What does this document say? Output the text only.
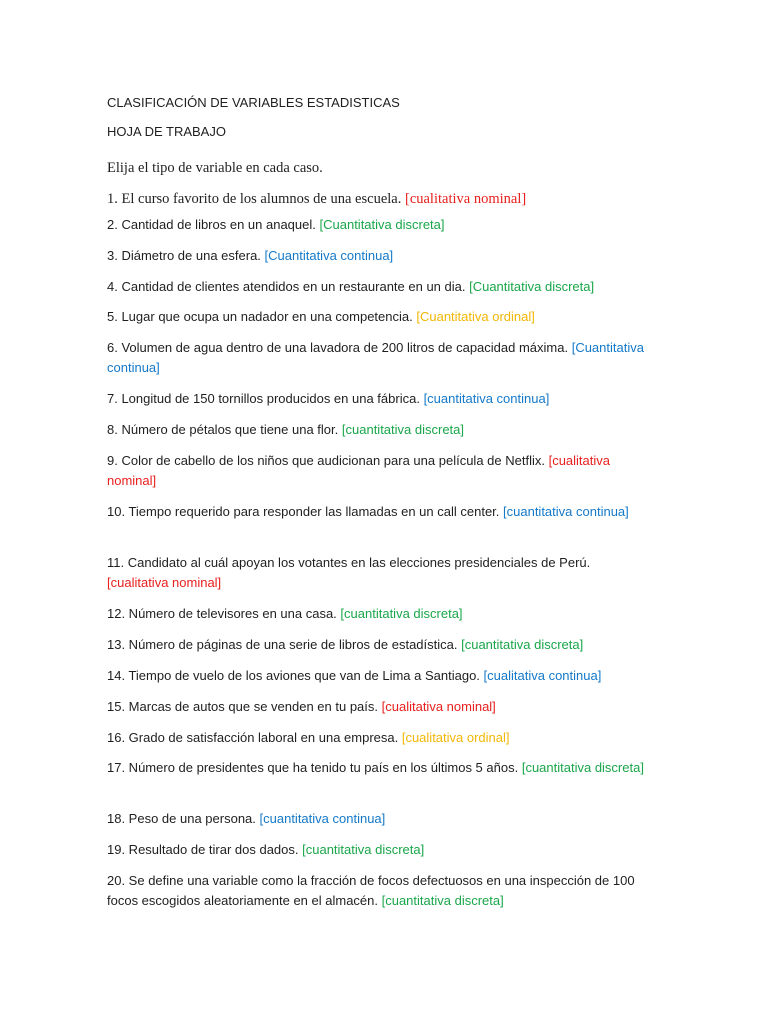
CLASIFICACIÓN DE VARIABLES ESTADISTICAS
HOJA DE TRABAJO
Elija el tipo de variable en cada caso.
1. El curso favorito de los alumnos de una escuela. [cualitativa nominal]
2. Cantidad de libros en un anaquel. [Cuantitativa discreta]
3. Diámetro de una esfera. [Cuantitativa continua]
4. Cantidad de clientes atendidos en un restaurante en un dia. [Cuantitativa discreta]
5. Lugar que ocupa un nadador en una competencia. [Cuantitativa ordinal]
6. Volumen de agua dentro de una lavadora de 200 litros de capacidad máxima. [Cuantitativa continua]
7. Longitud de 150 tornillos producidos en una fábrica. [cuantitativa continua]
8. Número de pétalos que tiene una flor. [cuantitativa discreta]
9. Color de cabello de los niños que audicionan para una película de Netflix. [cualitativa nominal]
10. Tiempo requerido para responder las llamadas en un call center. [cuantitativa continua]
11. Candidato al cuál apoyan los votantes en las elecciones presidenciales de Perú. [cualitativa nominal]
12. Número de televisores en una casa. [cuantitativa discreta]
13. Número de páginas de una serie de libros de estadística. [cuantitativa discreta]
14. Tiempo de vuelo de los aviones que van de Lima a Santiago. [cualitativa continua]
15. Marcas de autos que se venden en tu país. [cualitativa nominal]
16. Grado de satisfacción laboral en una empresa. [cualitativa ordinal]
17. Número de presidentes que ha tenido tu país en los últimos 5 años. [cuantitativa discreta]
18. Peso de una persona. [cuantitativa continua]
19. Resultado de tirar dos dados. [cuantitativa discreta]
20. Se define una variable como la fracción de focos defectuosos en una inspección de 100 focos escogidos aleatoriamente en el almacén. [cuantitativa discreta]
